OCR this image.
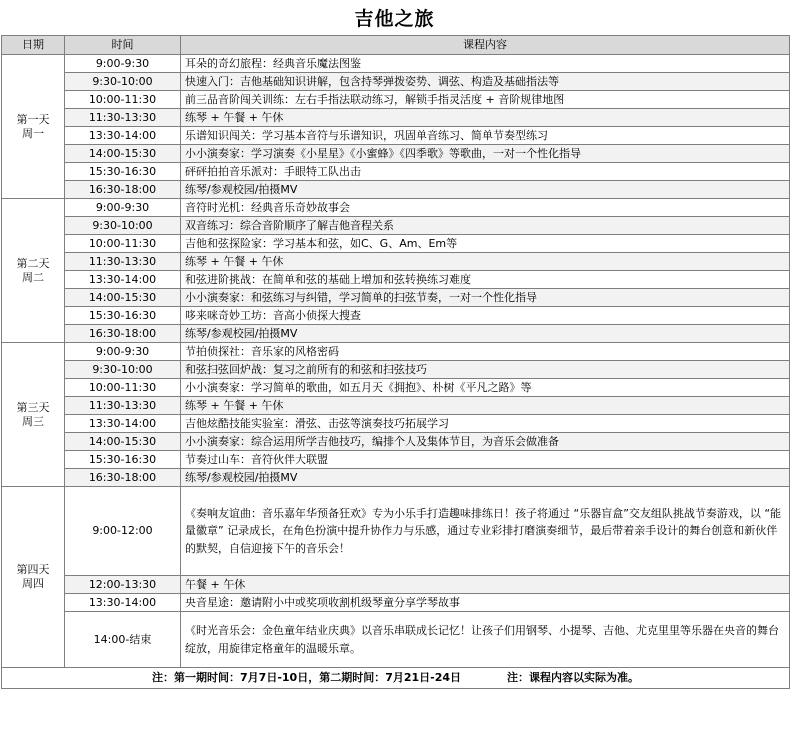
吉他之旅
日期	时间	课程内容

第一天
周一	9:00-9:30	耳朵的奇幻旅程：经典音乐魔法图鉴
	9:30-10:00	快速入门：吉他基础知识讲解，包含持琴弹拨姿势、调弦、构造及基础指法等
	10:00-11:30	前三品音阶闯关训练：左右手指法联动练习，解锁手指灵活度 + 音阶规律地图
	11:30-13:30	练琴 + 午餐 + 午休
	13:30-14:00	乐谱知识闯关：学习基本音符与乐谱知识，巩固单音练习、简单节奏型练习
	14:00-15:30	小小演奏家：学习演奏《小星星》《小蜜蜂》《四季歌》等歌曲，一对一个性化指导
	15:30-16:30	砰砰拍拍音乐派对：手眼特工队出击
	16:30-18:00	练琴/参观校园/拍摄MV

第二天
周二	9:00-9:30	音符时光机：经典音乐奇妙故事会
	9:30-10:00	双音练习：综合音阶顺序了解吉他音程关系
	10:00-11:30	吉他和弦探险家：学习基本和弦，如C、G、Am、Em等
	11:30-13:30	练琴 + 午餐 + 午休
	13:30-14:00	和弦进阶挑战：在简单和弦的基础上增加和弦转换练习难度
	14:00-15:30	小小演奏家：和弦练习与纠错，学习简单的扫弦节奏，一对一个性化指导
	15:30-16:30	哆来咪奇妙工坊：音高小侦探大搜查
	16:30-18:00	练琴/参观校园/拍摄MV

第三天
周三	9:00-9:30	节拍侦探社：音乐家的风格密码
	9:30-10:00	和弦扫弦回炉战：复习之前所有的和弦和扫弦技巧
	10:00-11:30	小小演奏家：学习简单的歌曲，如五月天《拥抱》、朴树《平凡之路》等
	11:30-13:30	练琴 + 午餐 + 午休
	13:30-14:00	吉他炫酷技能实验室：滑弦、击弦等演奏技巧拓展学习
	14:00-15:30	小小演奏家：综合运用所学吉他技巧，编排个人及集体节目，为音乐会做准备
	15:30-16:30	节奏过山车：音符伙伴大联盟
	16:30-18:00	练琴/参观校园/拍摄MV

第四天
周四	9:00-12:00	《奏响友谊曲：音乐嘉年华预备狂欢》专为小乐手打造趣味排练日！孩子将通过 “乐器盲盒”交友组队挑战节奏游戏，以 “能量徽章” 记录成长，在角色扮演中提升协作力与乐感，通过专业彩排打磨演奏细节，最后带着亲手设计的舞台创意和新伙伴的默契，自信迎接下午的音乐会！
	12:00-13:30	午餐 + 午休
	13:30-14:00	央音星途：邀请附小中或奖项收割机级琴童分享学琴故事
	14:00-结束	《时光音乐会：金色童年结业庆典》以音乐串联成长记忆！让孩子们用钢琴、小提琴、吉他、尤克里里等乐器在央音的舞台绽放，用旋律定格童年的温暖乐章。
注：第一期时间：7月7日-10日，第二期时间：7月21日-24日            注：课程内容以实际为准。		
